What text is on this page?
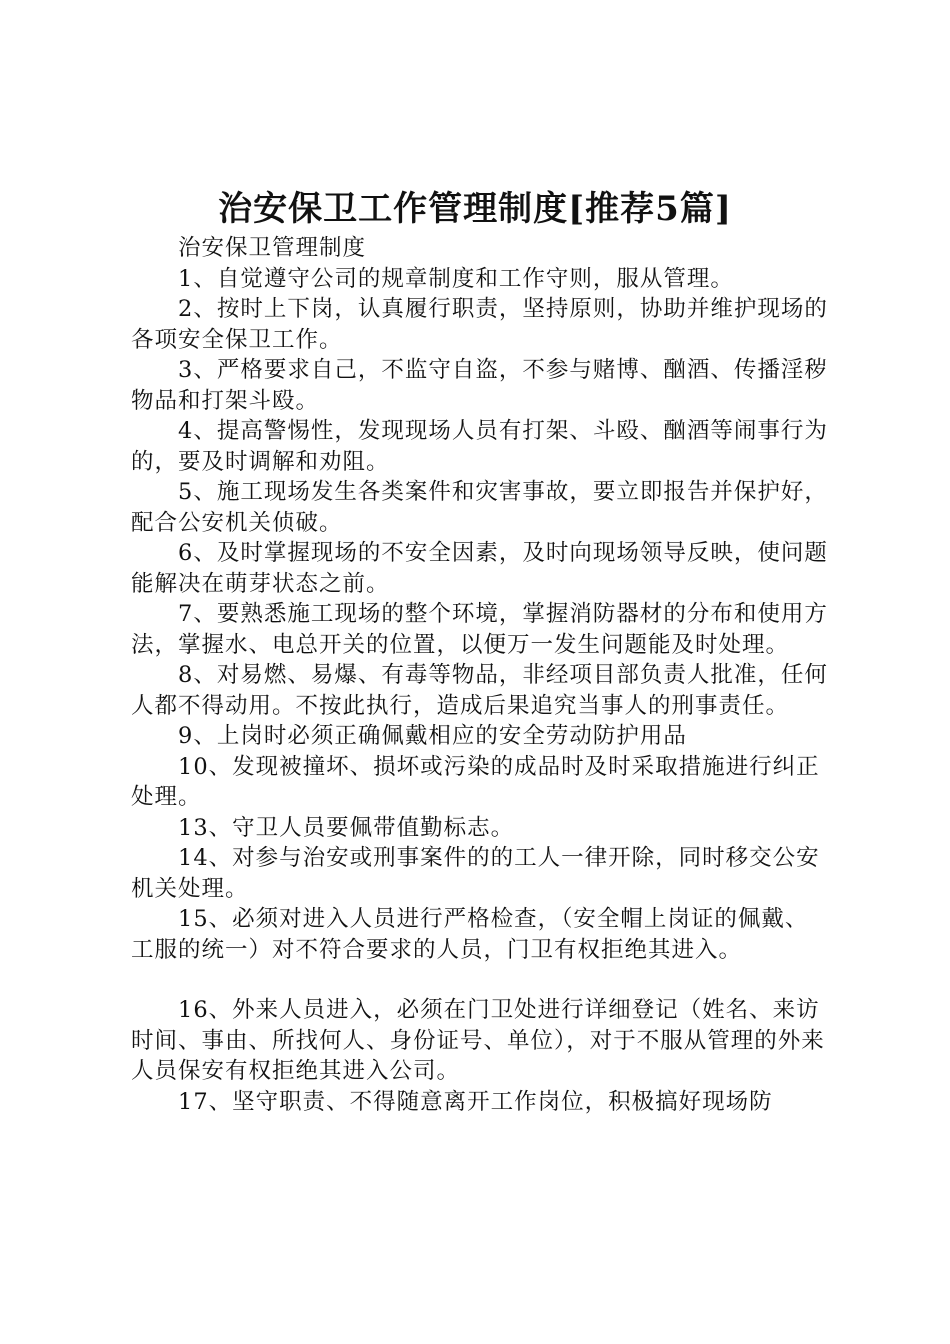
治安保卫工作管理制度[推荐5篇]

治安保卫管理制度

1、自觉遵守公司的规章制度和工作守则，服从管理。

2、按时上下岗，认真履行职责，坚持原则，协助并维护现场的各项安全保卫工作。

3、严格要求自己，不监守自盗，不参与赌博、酗酒、传播淫秽物品和打架斗殴。

4、提高警惕性，发现现场人员有打架、斗殴、酗酒等闹事行为的，要及时调解和劝阻。

5、施工现场发生各类案件和灾害事故，要立即报告并保护好，配合公安机关侦破。

6、及时掌握现场的不安全因素，及时向现场领导反映，使问题能解决在萌芽状态之前。

7、要熟悉施工现场的整个环境，掌握消防器材的分布和使用方法，掌握水、电总开关的位置，以便万一发生问题能及时处理。

8、对易燃、易爆、有毒等物品，非经项目部负责人批准，任何人都不得动用。不按此执行，造成后果追究当事人的刑事责任。

9、上岗时必须正确佩戴相应的安全劳动防护用品

10、发现被撞坏、损坏或污染的成品时及时采取措施进行纠正处理。

13、守卫人员要佩带值勤标志。

14、对参与治安或刑事案件的的工人一律开除，同时移交公安机关处理。

15、必须对进入人员进行严格检查，（安全帽上岗证的佩戴、工服的统一）对不符合要求的人员，门卫有权拒绝其进入。

16、外来人员进入，必须在门卫处进行详细登记（姓名、来访时间、事由、所找何人、身份证号、单位），对于不服从管理的外来人员保安有权拒绝其进入公司。

17、坚守职责、不得随意离开工作岗位，积极搞好现场防
